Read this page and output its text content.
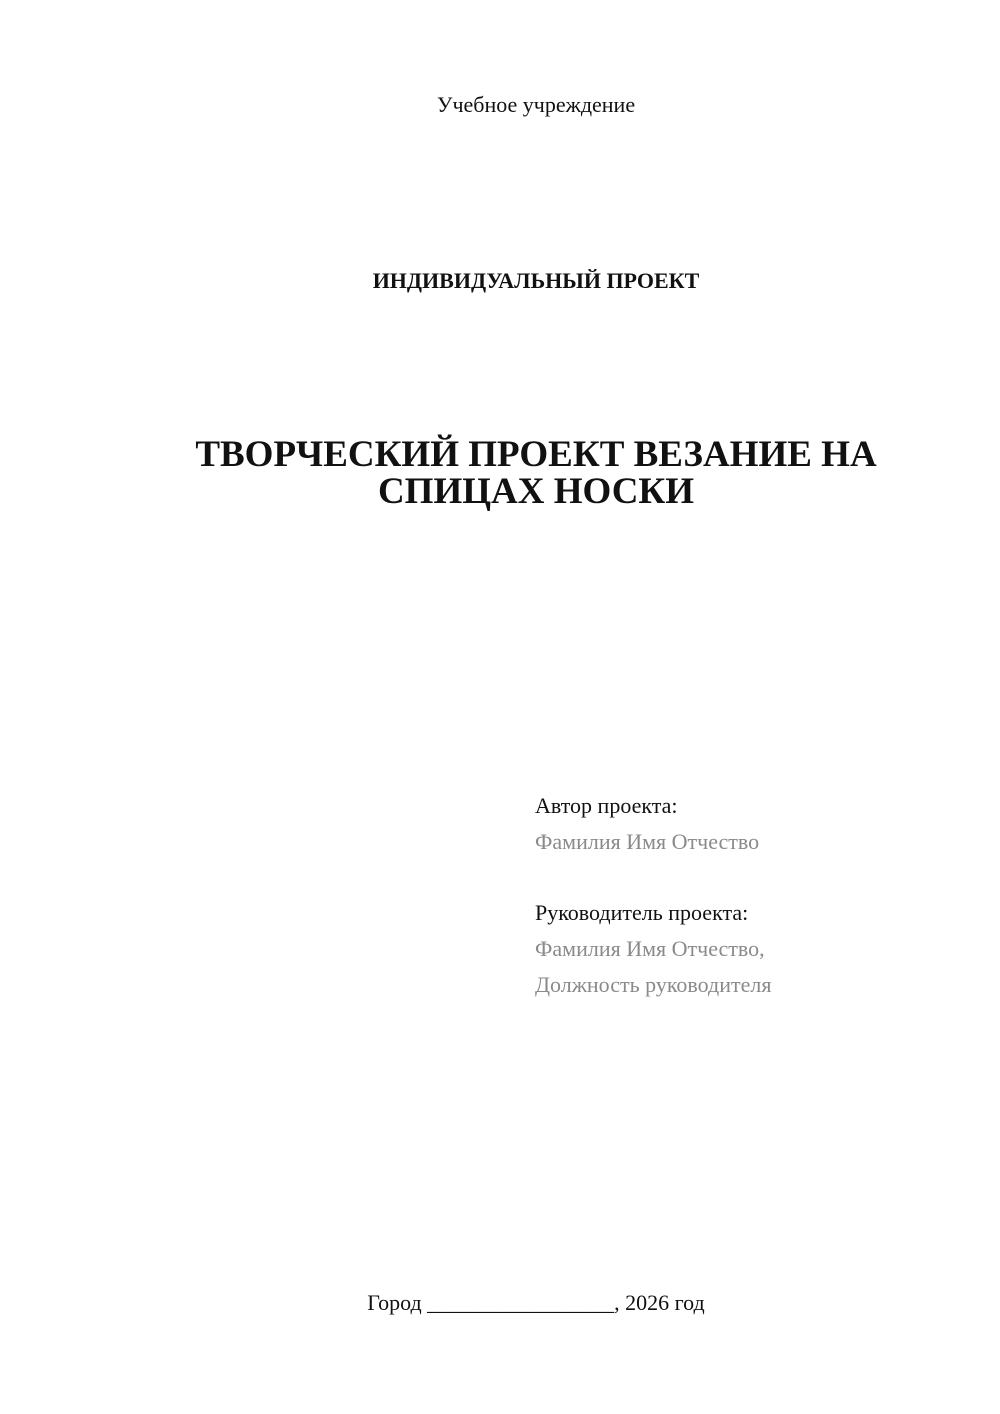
Учебное учреждение
ИНДИВИДУАЛЬНЫЙ ПРОЕКТ
ТВОРЧЕСКИЙ ПРОЕКТ ВЕЗАНИЕ НА
СПИЦАХ НОСКИ
Автор проекта:
Фамилия Имя Отчество
Руководитель проекта:
Фамилия Имя Отчество,
Должность руководителя
Город _________________, 2026 год
